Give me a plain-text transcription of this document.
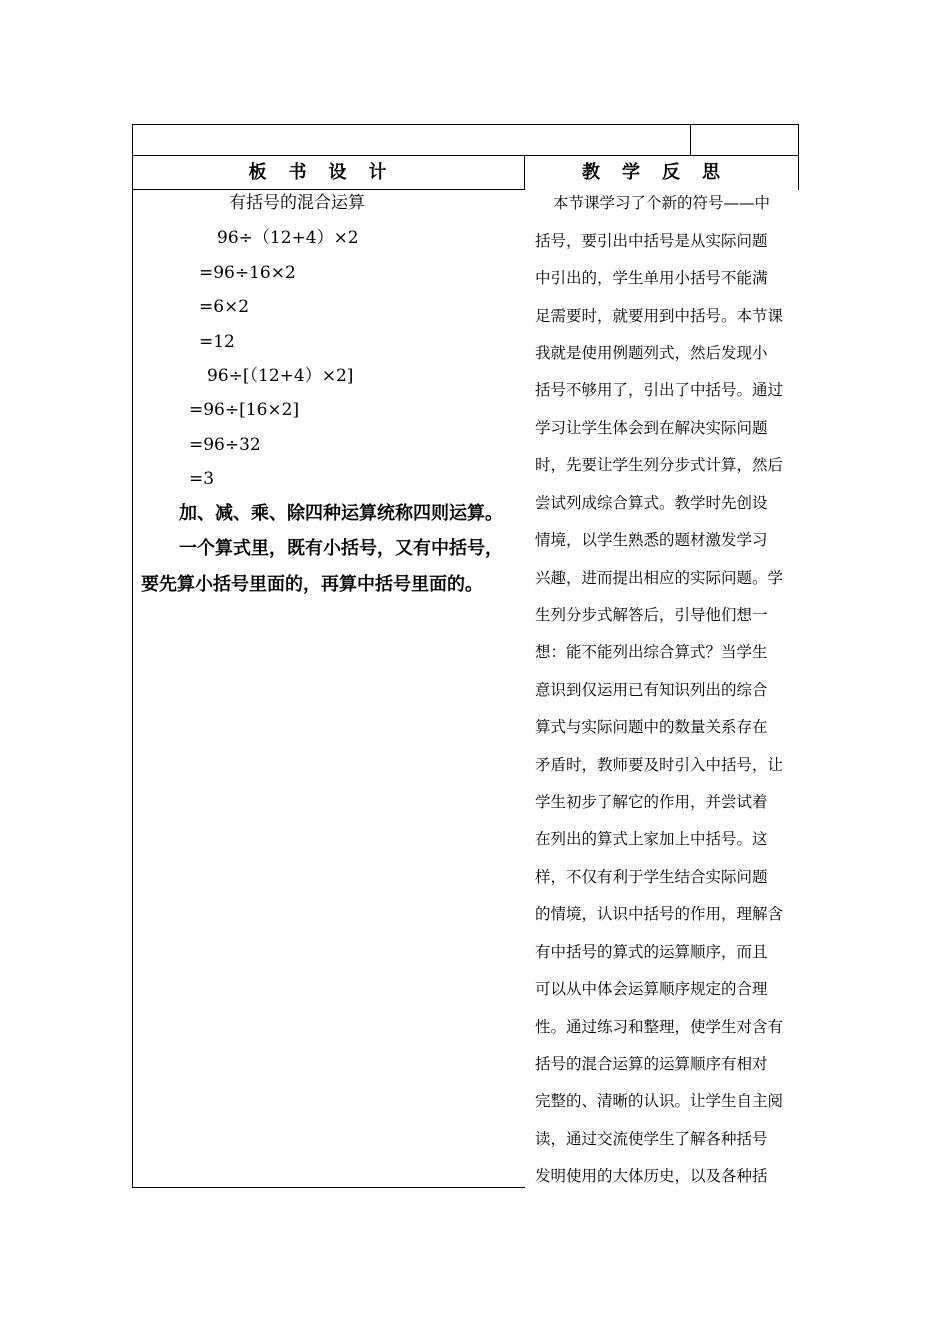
板书设计	教学反思
有括号的混合运算
96÷（12+4）×2
=96÷16×2
=6×2
=12
96÷[（12+4）×2]
=96÷[16×2]
=96÷32
=3
加、减、乘、除四种运算统称四则运算。
一个算式里，既有小括号，又有中括号，
要先算小括号里面的，再算中括号里面的。
本节课学习了个新的符号——中
括号，要引出中括号是从实际问题
中引出的，学生单用小括号不能满
足需要时，就要用到中括号。本节课
我就是使用例题列式，然后发现小
括号不够用了，引出了中括号。通过
学习让学生体会到在解决实际问题
时，先要让学生列分步式计算，然后
尝试列成综合算式。教学时先创设
情境，以学生熟悉的题材激发学习
兴趣，进而提出相应的实际问题。学
生列分步式解答后，引导他们想一
想：能不能列出综合算式？当学生
意识到仅运用已有知识列出的综合
算式与实际问题中的数量关系存在
矛盾时，教师要及时引入中括号，让
学生初步了解它的作用，并尝试着
在列出的算式上家加上中括号。这
样，不仅有利于学生结合实际问题
的情境，认识中括号的作用，理解含
有中括号的算式的运算顺序，而且
可以从中体会运算顺序规定的合理
性。通过练习和整理，使学生对含有
括号的混合运算的运算顺序有相对
完整的、清晰的认识。让学生自主阅
读，通过交流使学生了解各种括号
发明使用的大体历史，以及各种括
